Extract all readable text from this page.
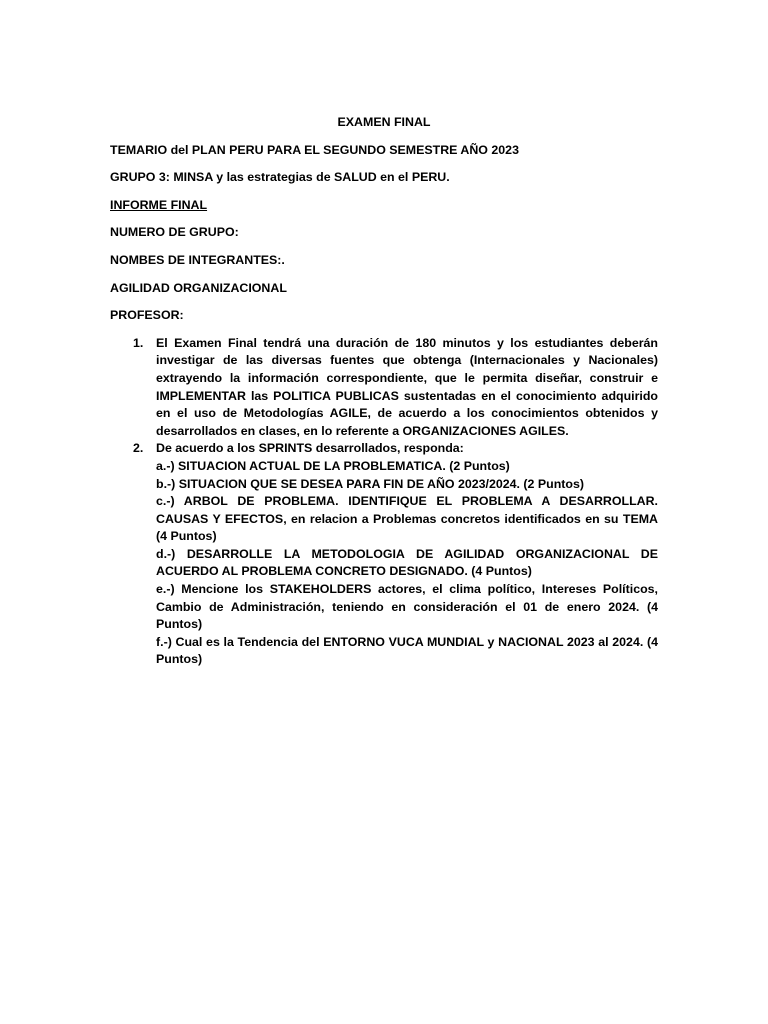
EXAMEN FINAL
TEMARIO del PLAN PERU PARA EL SEGUNDO SEMESTRE AÑO 2023
GRUPO 3: MINSA y las estrategias de SALUD en el PERU.
INFORME FINAL
NUMERO DE GRUPO:
NOMBES DE INTEGRANTES:.
AGILIDAD ORGANIZACIONAL
PROFESOR:
1. El Examen Final tendrá una duración de 180 minutos y los estudiantes deberán investigar de las diversas fuentes que obtenga (Internacionales y Nacionales) extrayendo la información correspondiente, que le permita diseñar, construir e IMPLEMENTAR las POLITICA PUBLICAS sustentadas en el conocimiento adquirido en el uso de Metodologías AGILE, de acuerdo a los conocimientos obtenidos y desarrollados en clases, en lo referente a ORGANIZACIONES AGILES.
2. De acuerdo a los SPRINTS desarrollados, responda:
a.-) SITUACION ACTUAL DE LA PROBLEMATICA. (2 Puntos)
b.-) SITUACION QUE SE DESEA PARA FIN DE AÑO 2023/2024. (2 Puntos)
c.-) ARBOL DE PROBLEMA. IDENTIFIQUE EL PROBLEMA A DESARROLLAR. CAUSAS Y EFECTOS, en relacion a Problemas concretos identificados en su TEMA (4 Puntos)
d.-) DESARROLLE LA METODOLOGIA DE AGILIDAD ORGANIZACIONAL DE ACUERDO AL PROBLEMA CONCRETO DESIGNADO. (4 Puntos)
e.-) Mencione los STAKEHOLDERS actores, el clima político, Intereses Políticos, Cambio de Administración, teniendo en consideración el 01 de enero 2024. (4 Puntos)
f.-) Cual es la Tendencia del ENTORNO VUCA MUNDIAL y NACIONAL 2023 al 2024. (4 Puntos)
